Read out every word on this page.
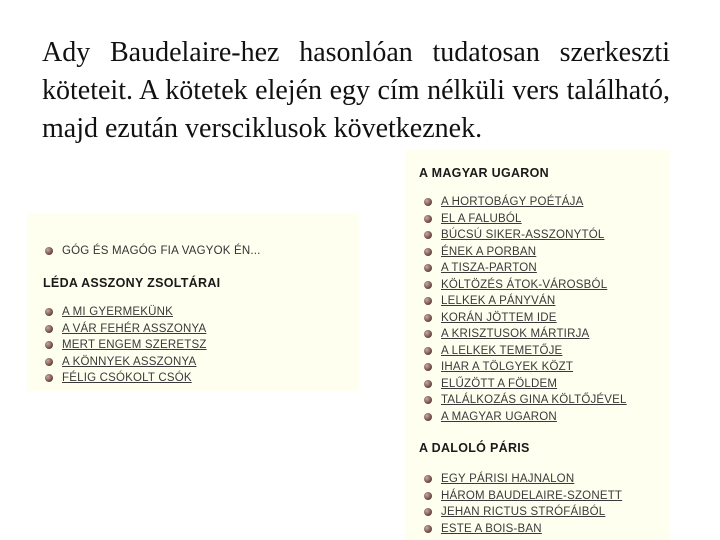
Ady Baudelaire-hez hasonlóan tudatosan szerkeszti köteteit. A kötetek elején egy cím nélküli vers található, majd ezután versciklusok következnek.

GÓG ÉS MAGÓG FIA VAGYOK ÉN...
LÉDA ASSZONY ZSOLTÁRAI
A MI GYERMEKÜNK
A VÁR FEHÉR ASSZONYA
MERT ENGEM SZERETSZ
A KÖNNYEK ASSZONYA
FÉLIG CSÓKOLT CSÓK
A MAGYAR UGARON
A HORTOBÁGY POÉTÁJA
EL A FALUBÓL
BÚCSÚ SIKER-ASSZONYTÓL
ÉNEK A PORBAN
A TISZA-PARTON
KÖLTÖZÉS ÁTOK-VÁROSBÓL
LELKEK A PÁNYVÁN
KORÁN JÖTTEM IDE
A KRISZTUSOK MÁRTIRJA
A LELKEK TEMETŐJE
IHAR A TÖLGYEK KÖZT
ELŰZÖTT A FÖLDEM
TALÁLKOZÁS GINA KÖLTŐJÉVEL
A MAGYAR UGARON
A DALOLÓ PÁRIS
EGY PÁRISI HAJNALON
HÁROM BAUDELAIRE-SZONETT
JEHAN RICTUS STRÓFÁIBÓL
ESTE A BOIS-BAN
